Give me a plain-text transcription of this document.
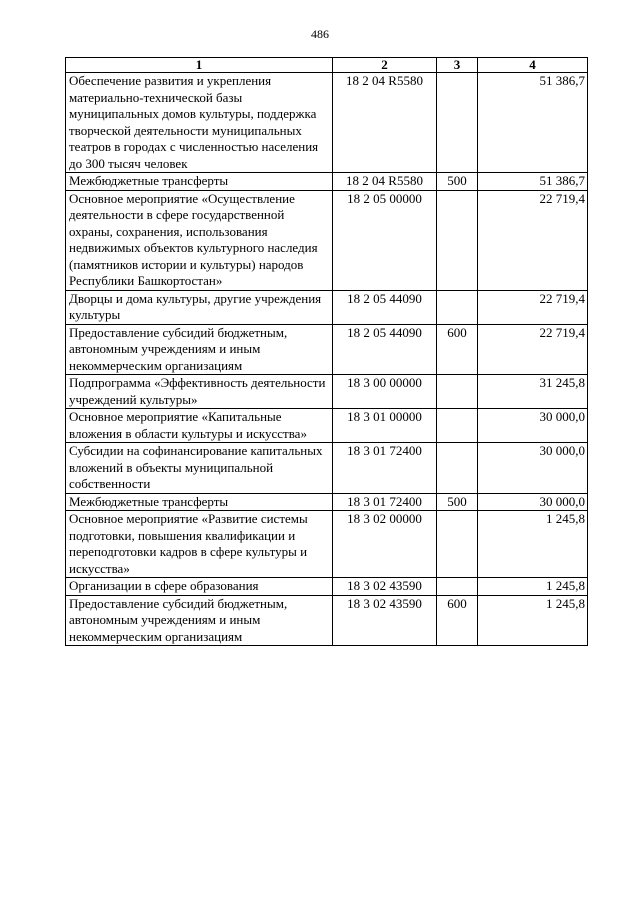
486
1	2	3	4
Обеспечение развития и укрепления материально-технической базы муниципальных домов культуры, поддержка творческой деятельности муниципальных театров в городах с численностью населения до 300 тысяч человек	18 2 04 R5580		51 386,7
Межбюджетные трансферты	18 2 04 R5580	500	51 386,7
Основное мероприятие «Осуществление деятельности в сфере государственной охраны, сохранения, использования недвижимых объектов культурного наследия (памятников истории и культуры) народов Республики Башкортостан»	18 2 05 00000		22 719,4
Дворцы и дома культуры, другие учреждения культуры	18 2 05 44090		22 719,4
Предоставление субсидий бюджетным, автономным учреждениям и иным некоммерческим организациям	18 2 05 44090	600	22 719,4
Подпрограмма «Эффективность деятельности учреждений культуры»	18 3 00 00000		31 245,8
Основное мероприятие «Капитальные вложения в области культуры и искусства»	18 3 01 00000		30 000,0
Субсидии на софинансирование капитальных вложений в объекты муниципальной собственности	18 3 01 72400		30 000,0
Межбюджетные трансферты	18 3 01 72400	500	30 000,0
Основное мероприятие «Развитие системы подготовки, повышения квалификации и переподготовки кадров в сфере культуры и искусства»	18 3 02 00000		1 245,8
Организации в сфере образования	18 3 02 43590		1 245,8
Предоставление субсидий бюджетным, автономным учреждениям и иным некоммерческим организациям	18 3 02 43590	600	1 245,8
